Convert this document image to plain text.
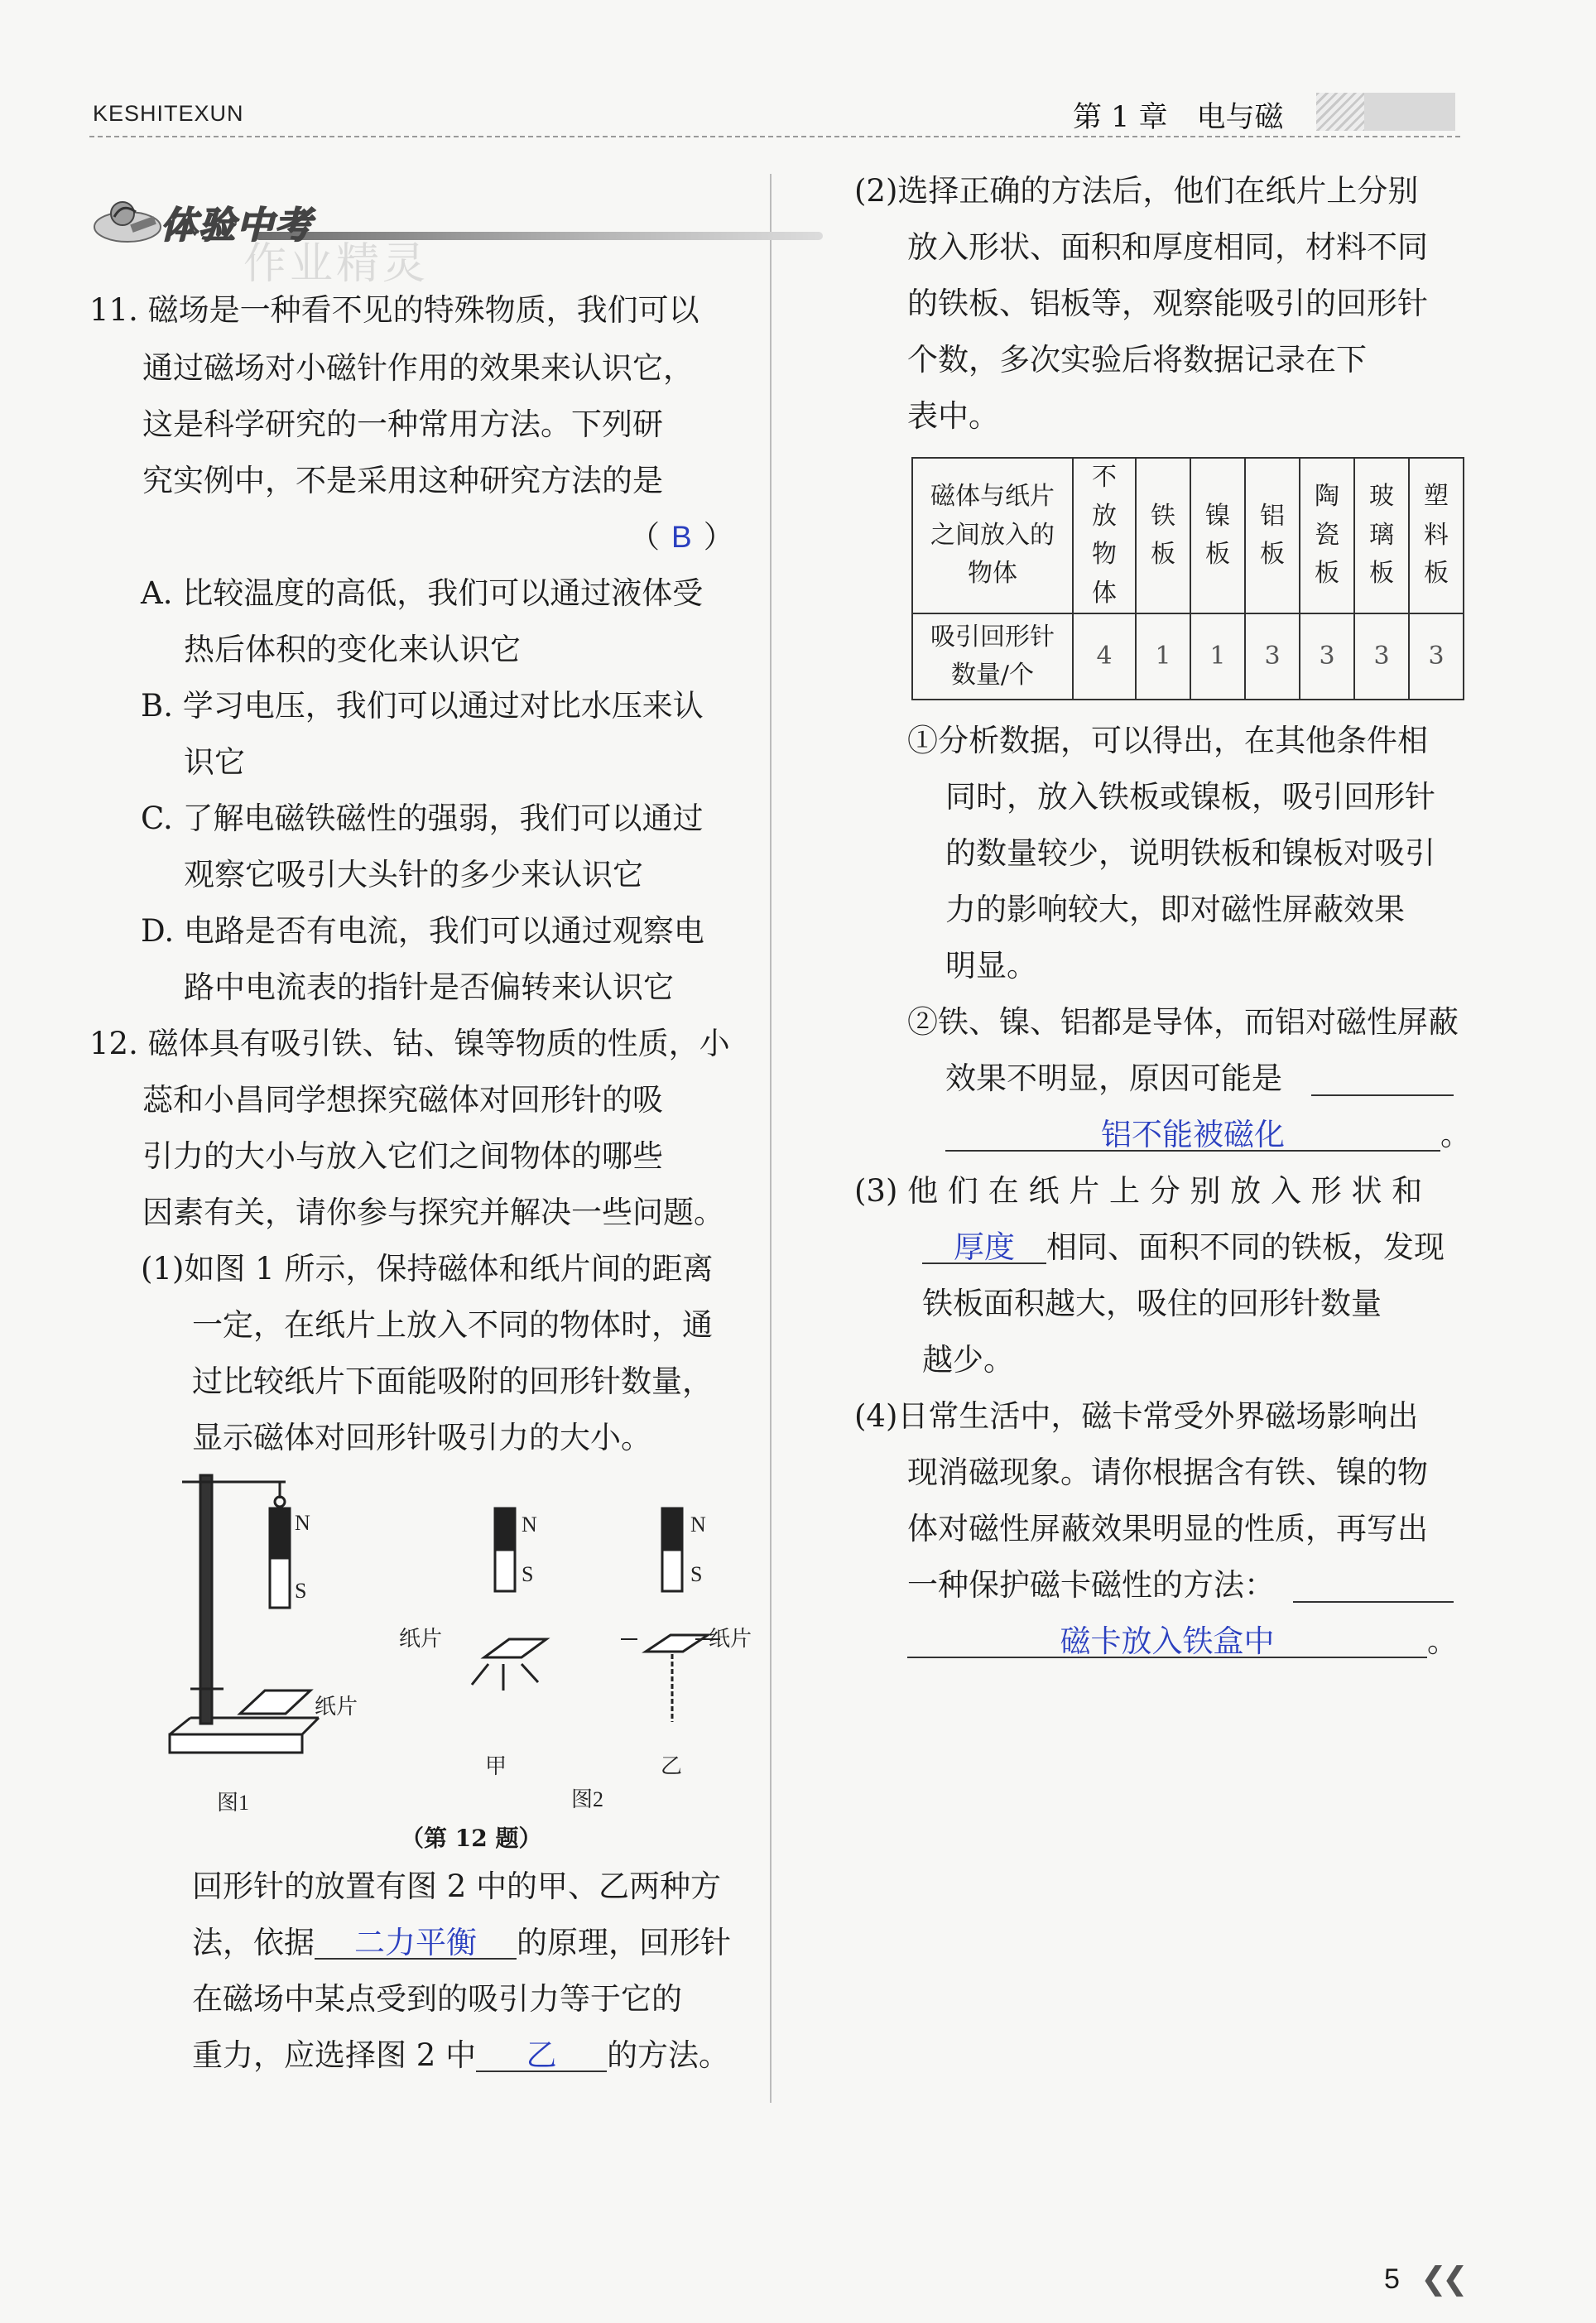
KESHITEXUN	第 1 章　电与磁
体验中考
作业精灵
11. 磁场是一种看不见的特殊物质，我们可以
通过磁场对小磁针作用的效果来认识它，
这是科学研究的一种常用方法。下列研
究实例中，不是采用这种研究方法的是
（ B ）
A. 比较温度的高低，我们可以通过液体受
热后体积的变化来认识它
B. 学习电压，我们可以通过对比水压来认
识它
C. 了解电磁铁磁性的强弱，我们可以通过
观察它吸引大头针的多少来认识它
D. 电路是否有电流，我们可以通过观察电
路中电流表的指针是否偏转来认识它
12. 磁体具有吸引铁、钴、镍等物质的性质，小
蕊和小昌同学想探究磁体对回形针的吸
引力的大小与放入它们之间物体的哪些
因素有关，请你参与探究并解决一些问题。
(1)如图 1 所示，保持磁体和纸片间的距离
一定，在纸片上放入不同的物体时，通
过比较纸片下面能吸附的回形针数量，
显示磁体对回形针吸引力的大小。
N
S
纸片
N
S
纸片
N
S
纸片
甲	乙
图1	图2
（第 12 题）
回形针的放置有图 2 中的甲、乙两种方
法，依据 二力平衡 的原理，回形针
在磁场中某点受到的吸引力等于它的
重力，应选择图 2 中 乙 的方法。
(2)选择正确的方法后，他们在纸片上分别
放入形状、面积和厚度相同，材料不同
的铁板、铝板等，观察能吸引的回形针
个数，多次实验后将数据记录在下
表中。
磁体与纸片之间放入的物体	不放物体	铁板	镍板	铝板	陶瓷板	玻璃板	塑料板
吸引回形针数量/个	4	1	1	3	3	3	3
①分析数据，可以得出，在其他条件相
同时，放入铁板或镍板，吸引回形针
的数量较少，说明铁板和镍板对吸引
力的影响较大，即对磁性屏蔽效果
明显。
②铁、镍、铝都是导体，而铝对磁性屏蔽
效果不明显，原因可能是
铝不能被磁化	。
(3) 他 们 在 纸 片 上 分 别 放 入 形 状 和
厚度 相同、面积不同的铁板，发现
铁板面积越大，吸住的回形针数量
越少。
(4)日常生活中，磁卡常受外界磁场影响出
现消磁现象。请你根据含有铁、镍的物
体对磁性屏蔽效果明显的性质，再写出
一种保护磁卡磁性的方法：
磁卡放入铁盒中	。
5 ❮❮
